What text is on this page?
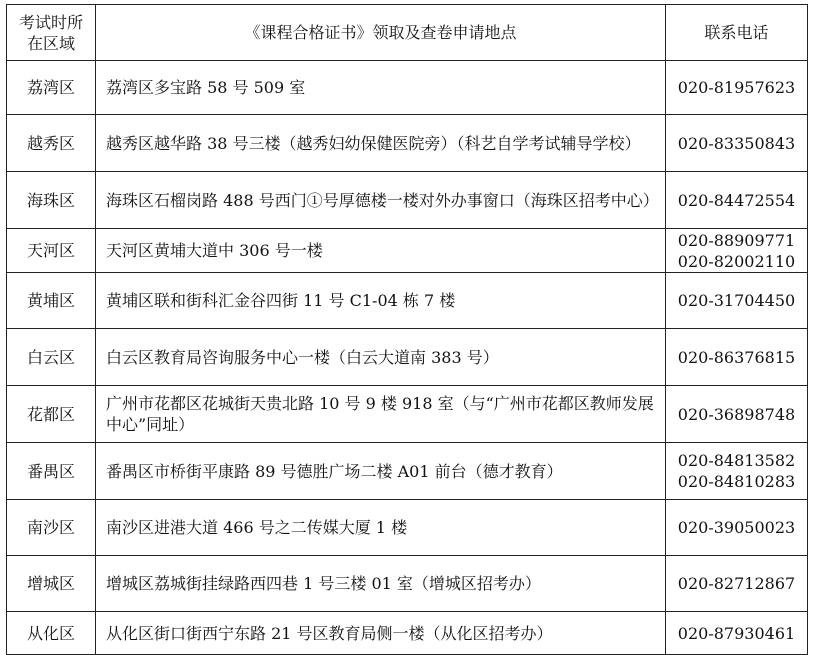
考试时所在区域	《课程合格证书》领取及查卷申请地点	联系电话
荔湾区	荔湾区多宝路 58 号 509 室	020-81957623

越秀区	越秀区越华路 38 号三楼（越秀妇幼保健医院旁）（科艺自学考试辅导学校）	020-83350843

海珠区	海珠区石榴岗路 488 号西门①号厚德楼一楼对外办事窗口（海珠区招考中心）	020-84472554

天河区	天河区黄埔大道中 306 号一楼	020-88909771
020-82002110

黄埔区	黄埔区联和街科汇金谷四街 11 号 C1-04 栋 7 楼	020-31704450

白云区	白云区教育局咨询服务中心一楼（白云大道南 383 号）	020-86376815

花都区	广州市花都区花城街天贵北路 10 号 9 楼 918 室（与“广州市花都区教师发展中心”同址）	020-36898748

番禺区	番禺区市桥街平康路 89 号德胜广场二楼 A01 前台（德才教育）	020-84813582
020-84810283

南沙区	南沙区进港大道 466 号之二传媒大厦 1 楼	020-39050023

增城区	增城区荔城街挂绿路西四巷 1 号三楼 01 室（增城区招考办）	020-82712867

从化区	从化区街口街西宁东路 21 号区教育局侧一楼（从化区招考办）	020-87930461
